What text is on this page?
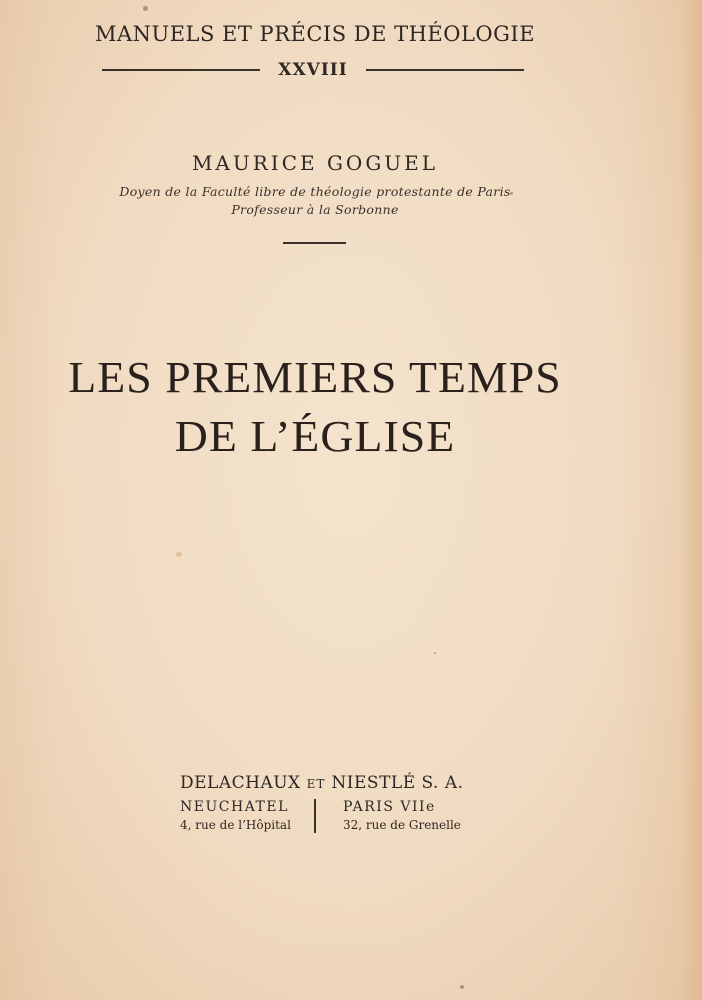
MANUELS ET PRÉCIS DE THÉOLOGIE
XXVIII
MAURICE GOGUEL
Doyen de la Faculté libre de théologie protestante de Paris
Professeur à la Sorbonne
LES PREMIERS TEMPS
DE L’ÉGLISE
DELACHAUX ET NIESTLÉ S. A.
NEUCHATEL
4, rue de l’Hôpital
PARIS VIIe
32, rue de Grenelle
